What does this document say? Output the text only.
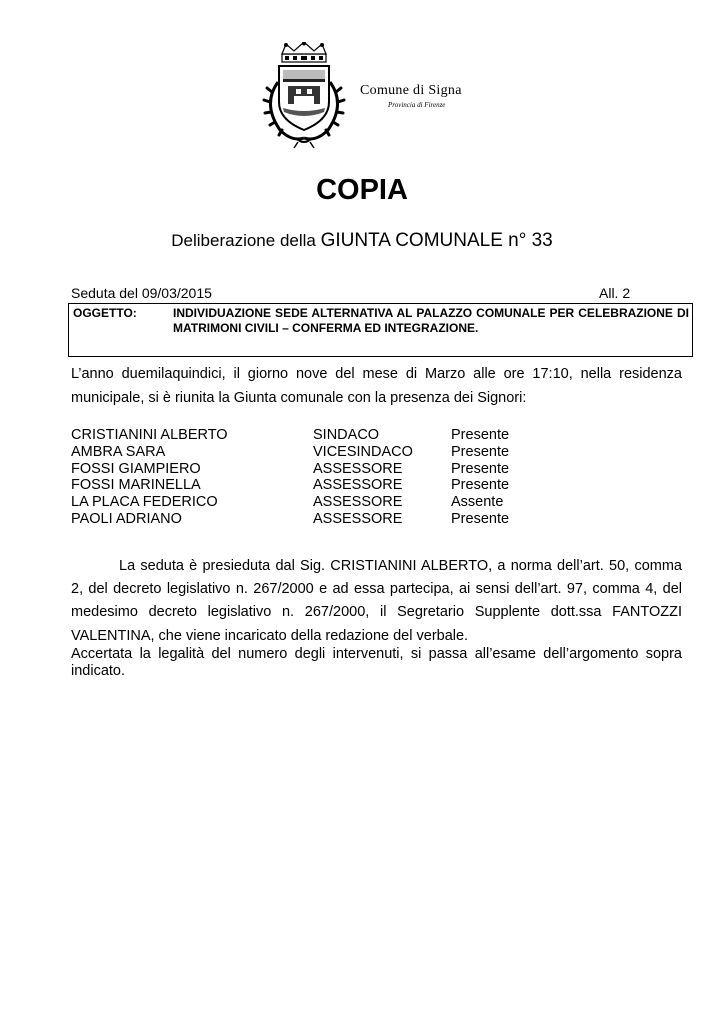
Comune di Signa
Provincia di Firenze
COPIA
Deliberazione della GIUNTA COMUNALE n° 33
Seduta del 09/03/2015	All. 2
OGGETTO:	INDIVIDUAZIONE SEDE ALTERNATIVA AL PALAZZO COMUNALE PER CELEBRAZIONE DI MATRIMONI CIVILI – CONFERMA ED INTEGRAZIONE.
L’anno duemilaquindici, il giorno nove del mese di Marzo alle ore 17:10, nella residenza municipale, si è riunita la Giunta comunale con la presenza dei Signori:
CRISTIANINI ALBERTO	SINDACO	Presente
AMBRA SARA	VICESINDACO	Presente
FOSSI GIAMPIERO	ASSESSORE	Presente
FOSSI MARINELLA	ASSESSORE	Presente
LA PLACA FEDERICO	ASSESSORE	Assente
PAOLI ADRIANO	ASSESSORE	Presente
La seduta è presieduta dal Sig. CRISTIANINI ALBERTO, a norma dell’art. 50, comma 2, del decreto legislativo n. 267/2000 e ad essa partecipa, ai sensi dell’art. 97, comma 4, del medesimo decreto legislativo n. 267/2000, il Segretario Supplente dott.ssa FANTOZZI VALENTINA, che viene incaricato della redazione del verbale.
Accertata la legalità del numero degli intervenuti, si passa all’esame dell’argomento sopra indicato.
